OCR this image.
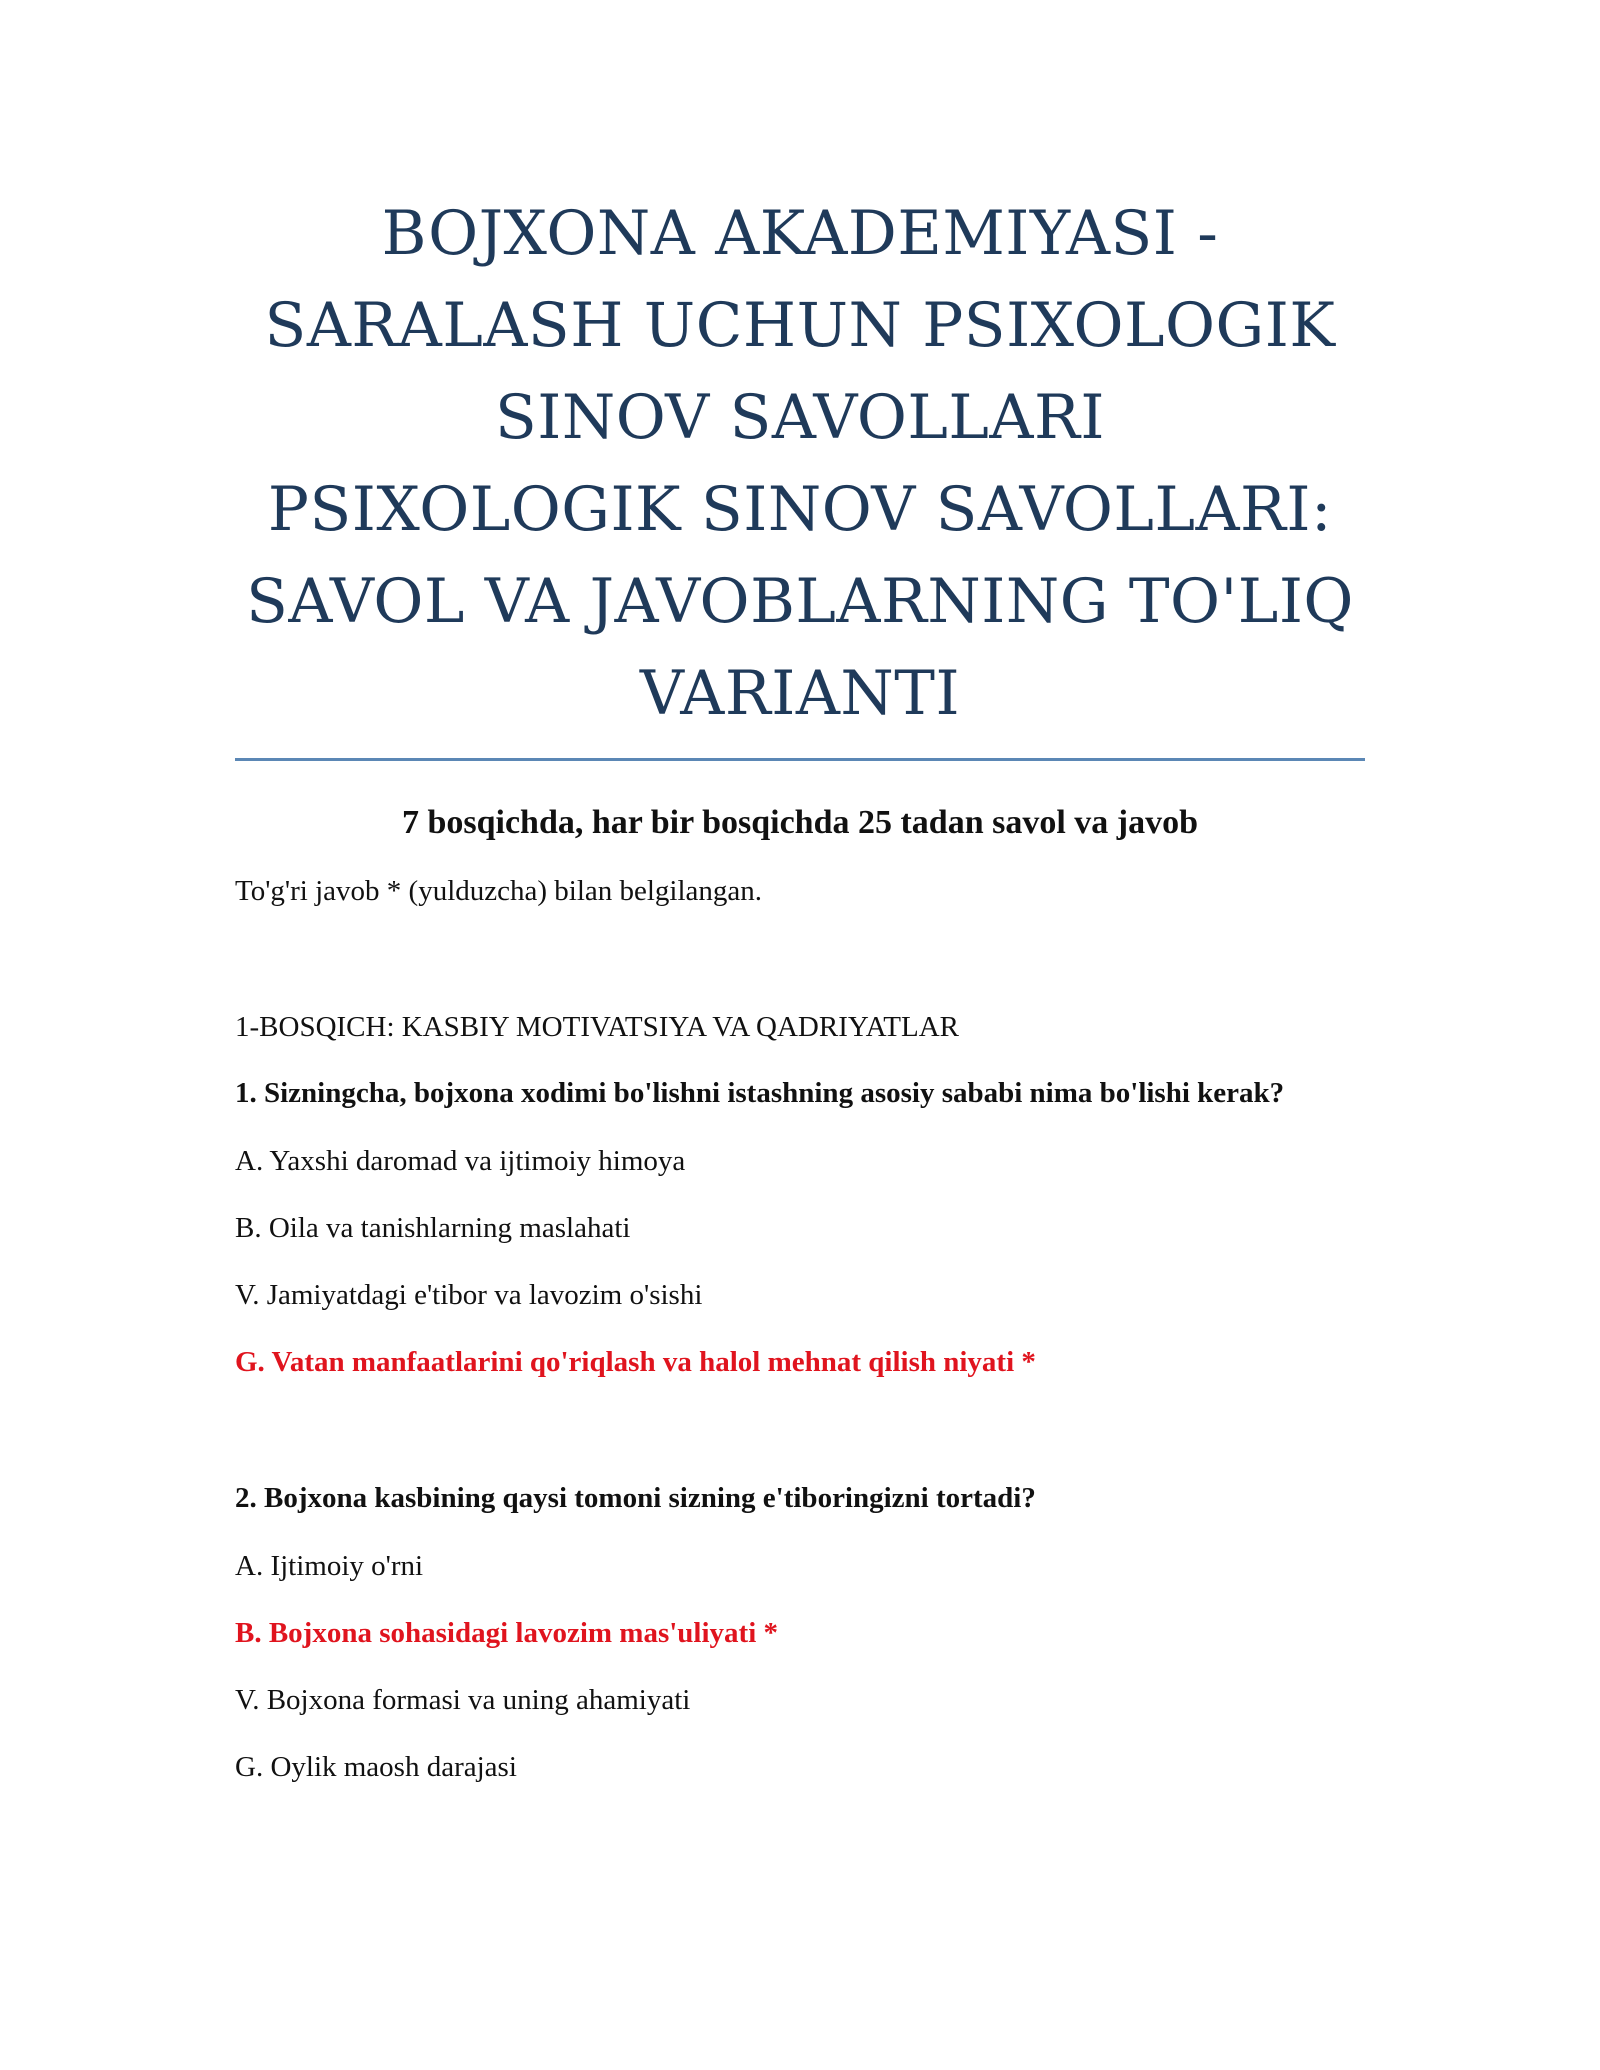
BOJXONA AKADEMIYASI -
SARALASH UCHUN PSIXOLOGIK
SINOV SAVOLLARI
PSIXOLOGIK SINOV SAVOLLARI:
SAVOL VA JAVOBLARNING TO'LIQ
VARIANTI

7 bosqichda, har bir bosqichda 25 tadan savol va javob

To'g'ri javob * (yulduzcha) bilan belgilangan.

1-BOSQICH: KASBIY MOTIVATSIYA VA QADRIYATLAR

1. Sizningcha, bojxona xodimi bo'lishni istashning asosiy sababi nima bo'lishi kerak?

A. Yaxshi daromad va ijtimoiy himoya

B. Oila va tanishlarning maslahati

V. Jamiyatdagi e'tibor va lavozim o'sishi

G. Vatan manfaatlarini qo'riqlash va halol mehnat qilish niyati *

2. Bojxona kasbining qaysi tomoni sizning e'tiboringizni tortadi?

A. Ijtimoiy o'rni

B. Bojxona sohasidagi lavozim mas'uliyati *

V. Bojxona formasi va uning ahamiyati

G. Oylik maosh darajasi
